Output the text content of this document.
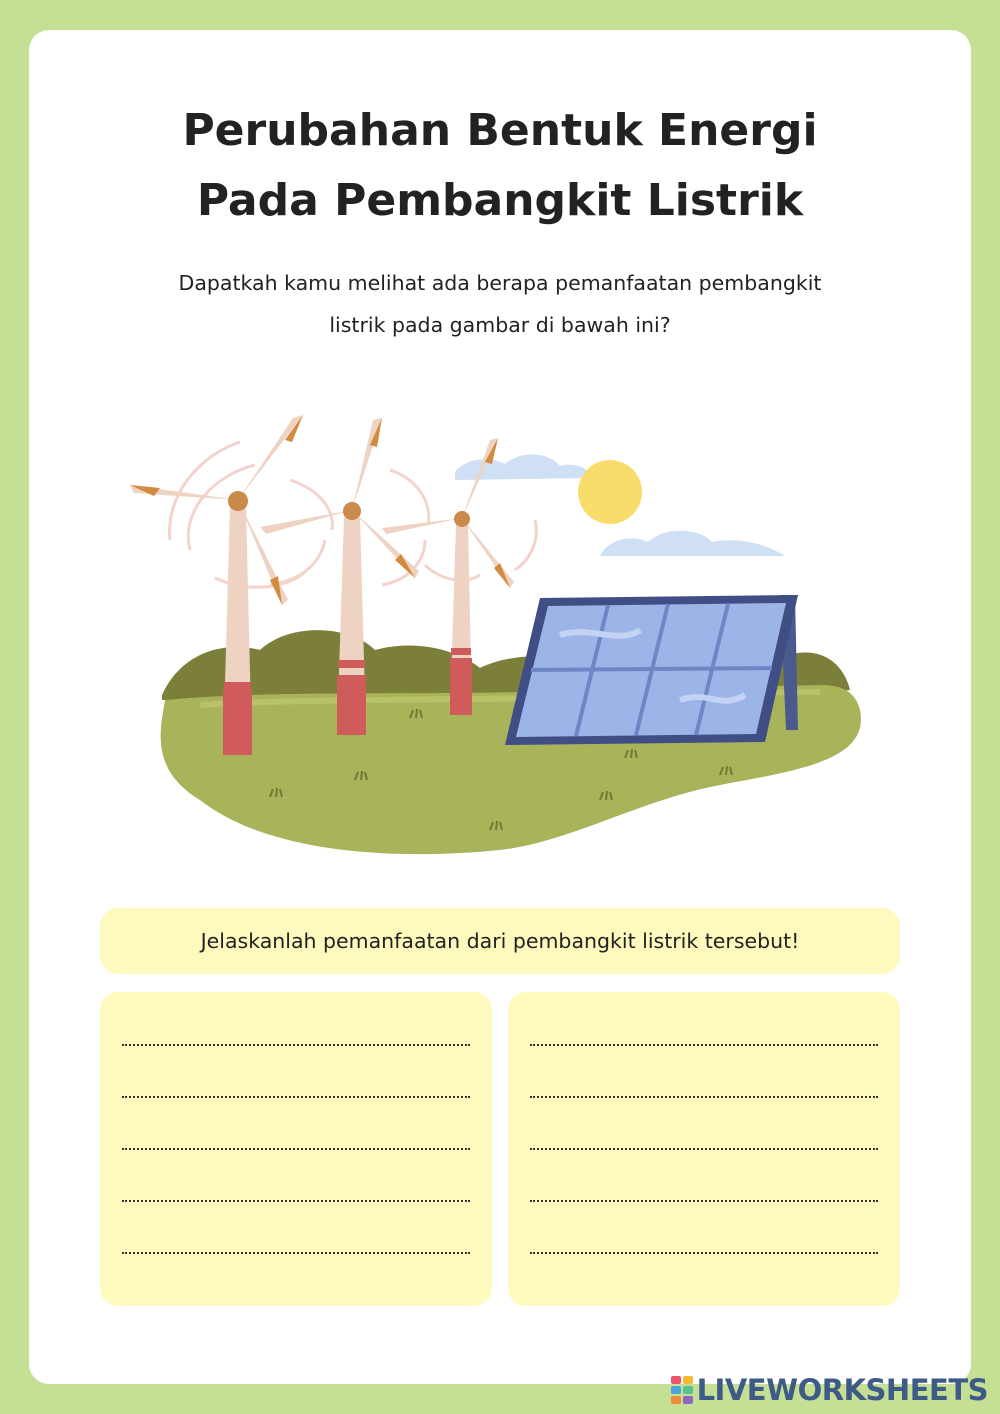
Perubahan Bentuk Energi
Pada Pembangkit Listrik

Dapatkah kamu melihat ada berapa pemanfaatan pembangkit
listrik pada gambar di bawah ini?

Jelaskanlah pemanfaatan dari pembangkit listrik tersebut!
LIVEWORKSHEETS
